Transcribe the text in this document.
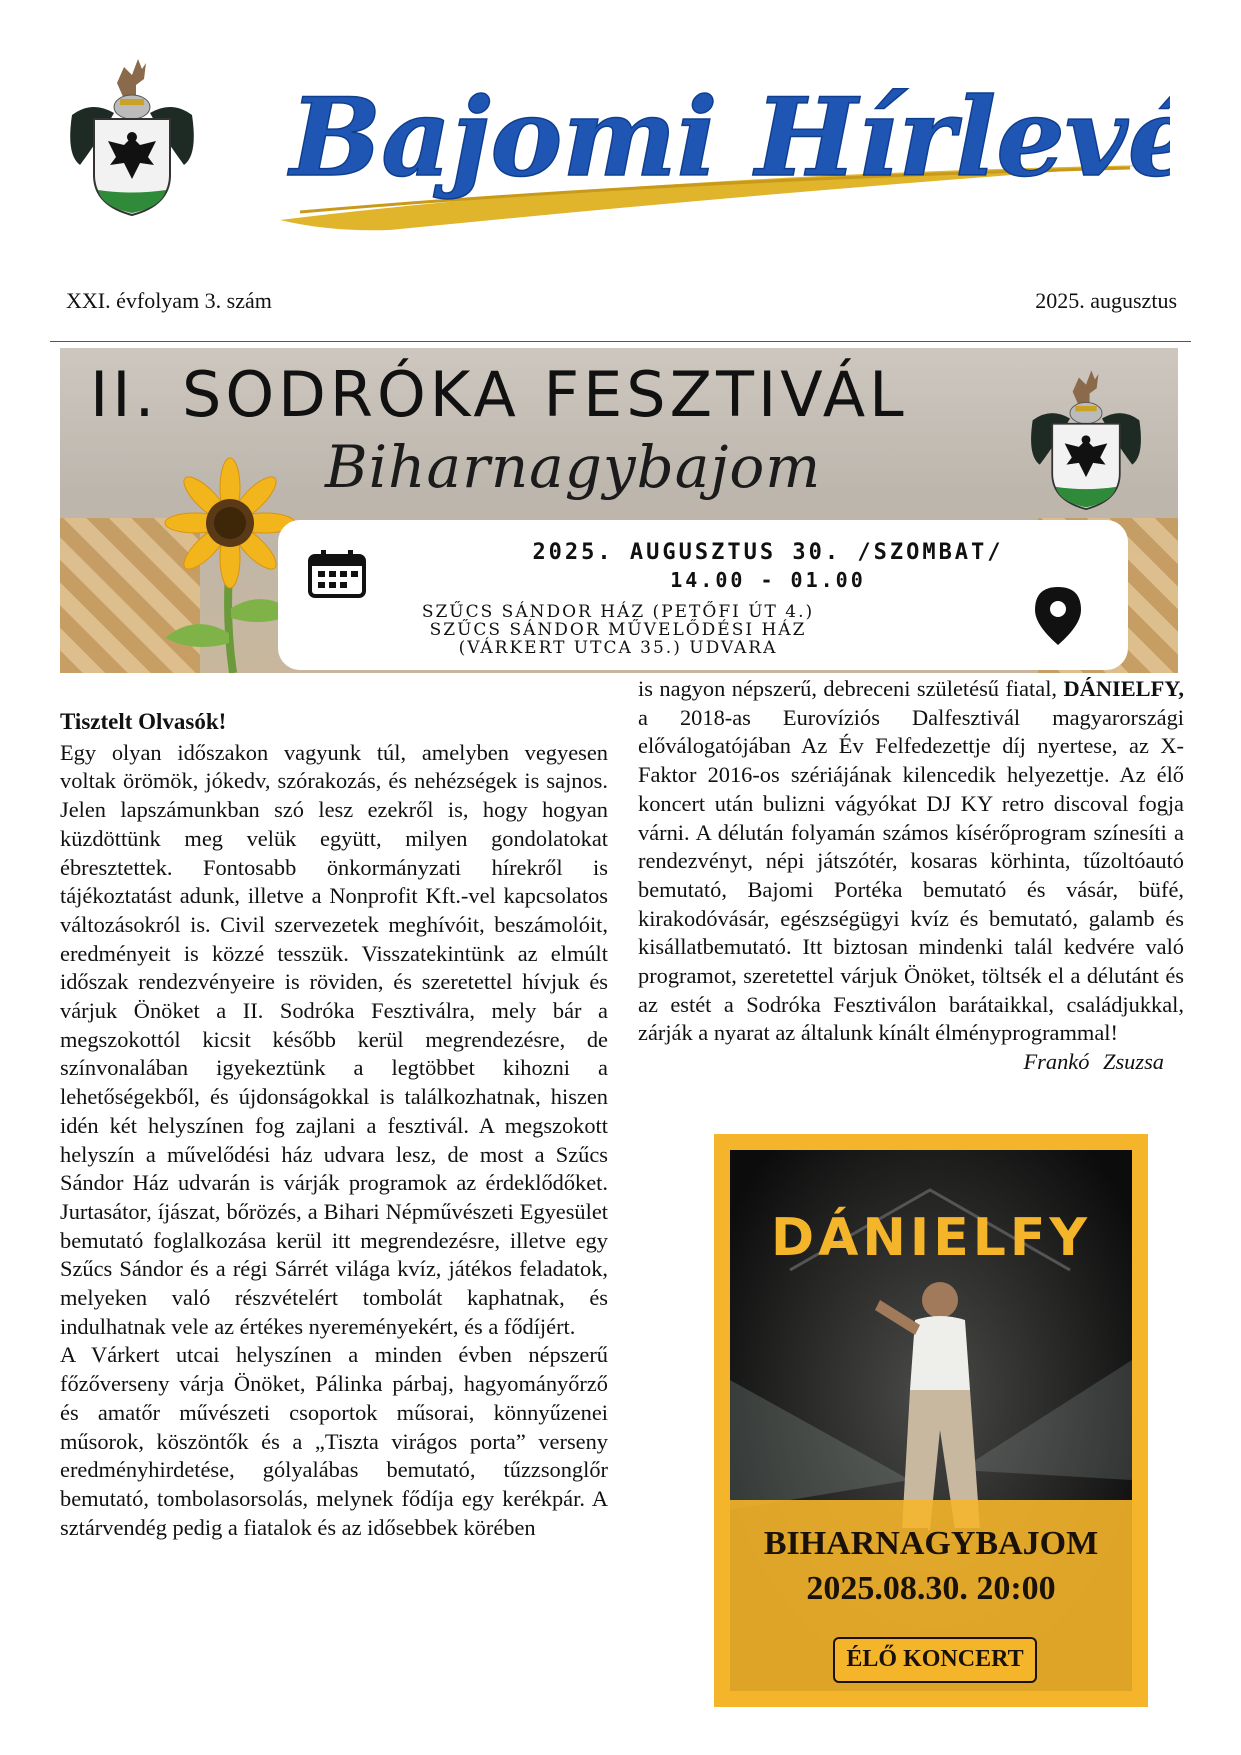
Bajomi Hírlevél
XXI. évfolyam 3. szám	2025. augusztus
II. SODRÓKA FESZTIVÁL
Biharnagybajom
2025. AUGUSZTUS 30. /SZOMBAT/
14.00 - 01.00
SZŰCS SÁNDOR HÁZ (PETŐFI ÚT 4.)
SZŰCS SÁNDOR MŰVELŐDÉSI HÁZ
(VÁRKERT UTCA 35.) UDVARA
Tisztelt Olvasók!

Egy olyan időszakon vagyunk túl, amelyben vegyesen voltak örömök, jókedv, szórakozás, és nehézségek is sajnos. Jelen lapszámunkban szó lesz ezekről is, hogy hogyan küzdöttünk meg velük együtt, milyen gondolatokat ébresztettek. Fontosabb önkormányzati hírekről is tájékoztatást adunk, illetve a Nonprofit Kft.-vel kapcsolatos változásokról is. Civil szervezetek meghívóit, beszámolóit, eredményeit is közzé tesszük. Visszatekintünk az elmúlt időszak rendezvényeire is röviden, és szeretettel hívjuk és várjuk Önöket a II. Sodróka Fesztiválra, mely bár a megszokottól kicsit később kerül megrendezésre, de színvonalában igyekeztünk a legtöbbet kihozni a lehetőségekből, és újdonságokkal is találkozhatnak, hiszen idén két helyszínen fog zajlani a fesztivál. A megszokott helyszín a művelődési ház udvara lesz, de most a Szűcs Sándor Ház udvarán is várják programok az érdeklődőket. Jurtasátor, íjászat, bőrözés, a Bihari Népművészeti Egyesület bemutató foglalkozása kerül itt megrendezésre, illetve egy Szűcs Sándor és a régi Sárrét világa kvíz, játékos feladatok, melyeken való részvételért tombolát kaphatnak, és indulhatnak vele az értékes nyereményekért, és a fődíjért.

A Várkert utcai helyszínen a minden évben népszerű főzőverseny várja Önöket, Pálinka párbaj, hagyományőrző és amatőr művészeti csoportok műsorai, könnyűzenei műsorok, köszöntők és a „Tiszta virágos porta” verseny eredményhirdetése, gólyalábas bemutató, tűzzsonglőr bemutató, tombolasorsolás, melynek fődíja egy kerékpár. A sztárvendég pedig a fiatalok és az idősebbek körében

is nagyon népszerű, debreceni születésű fiatal, DÁNIELFY, a 2018-as Eurovíziós Dalfesztivál magyarországi előválogatójában Az Év Felfedezettje díj nyertese, az X-Faktor 2016-os szériájának kilencedik helyezettje. Az élő koncert után bulizni vágyókat DJ KY retro discoval fogja várni. A délután folyamán számos kísérőprogram színesíti a rendezvényt, népi játszótér, kosaras körhinta, tűzoltóautó bemutató, Bajomi Portéka bemutató és vásár, büfé, kirakodóvásár, egészségügyi kvíz és bemutató, galamb és kisállatbemutató. Itt biztosan mindenki talál kedvére való programot, szeretettel várjuk Önöket, töltsék el a délutánt és az estét a Sodróka Fesztiválon barátaikkal, családjukkal, zárják a nyarat az általunk kínált élményprogrammal!

Frankó Zsuzsa
DÁNIELFY
BIHARNAGYBAJOM
2025.08.30. 20:00
ÉLŐ KONCERT
